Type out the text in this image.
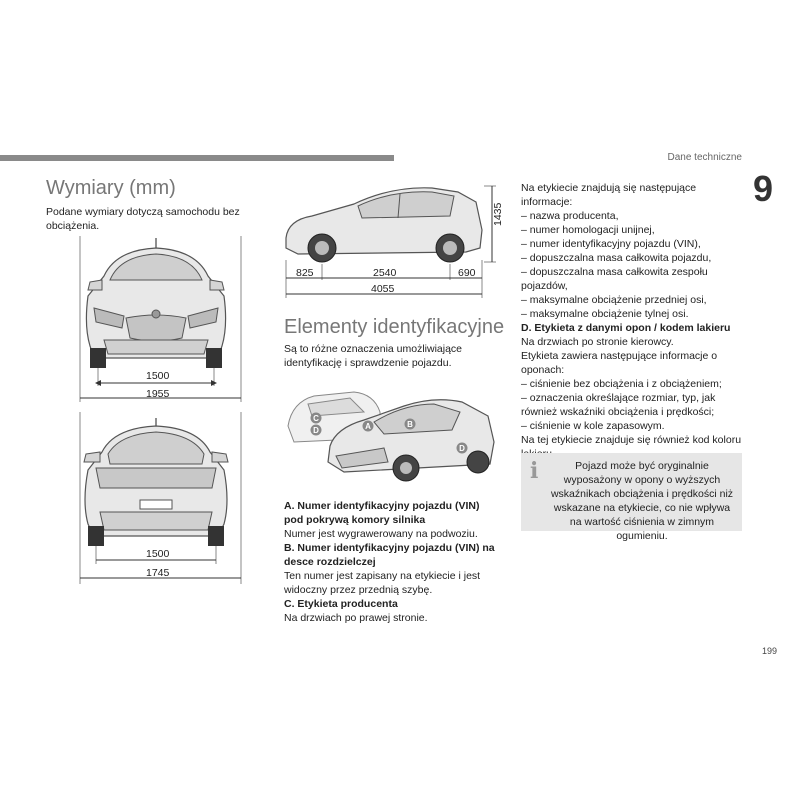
Dane techniczne
9
Wymiary (mm)

Podane wymiary dotyczą samochodu bez obciążenia.

1500
1955
1500
1745
825	2540	690
4055
1435
Elementy identyfikacyjne

Są to różne oznaczenia umożliwiające identyfikację i sprawdzenie pojazdu.

A	B
C
D
D

A. Numer identyfikacyjny pojazdu (VIN) pod pokrywą komory silnika

Numer jest wygrawerowany na podwoziu.

B. Numer identyfikacyjny pojazdu (VIN) na desce rozdzielczej

Ten numer jest zapisany na etykiecie i jest widoczny przez przednią szybę.

C. Etykieta producenta

Na drzwiach po prawej stronie.

Na etykiecie znajdują się następujące informacje:

– nazwa producenta,
– numer homologacji unijnej,
– numer identyfikacyjny pojazdu (VIN),
– dopuszczalna masa całkowita pojazdu,
– dopuszczalna masa całkowita zespołu pojazdów,
– maksymalne obciążenie przedniej osi,
– maksymalne obciążenie tylnej osi.

D. Etykieta z danymi opon / kodem lakieru

Na drzwiach po stronie kierowcy.

Etykieta zawiera następujące informacje o oponach:

– ciśnienie bez obciążenia i z obciążeniem;
– oznaczenia określające rozmiar, typ, jak również wskaźniki obciążenia i prędkości;
– ciśnienie w kole zapasowym.

Na tej etykiecie znajduje się również kod koloru

i	Pojazd może być oryginalnie wyposażony w opony o wyższych wskaźnikach obciążenia i prędkości niż wskazane na etykiecie, co nie wpływa na wartość ciśnienia w zimnym ogumieniu.

199
